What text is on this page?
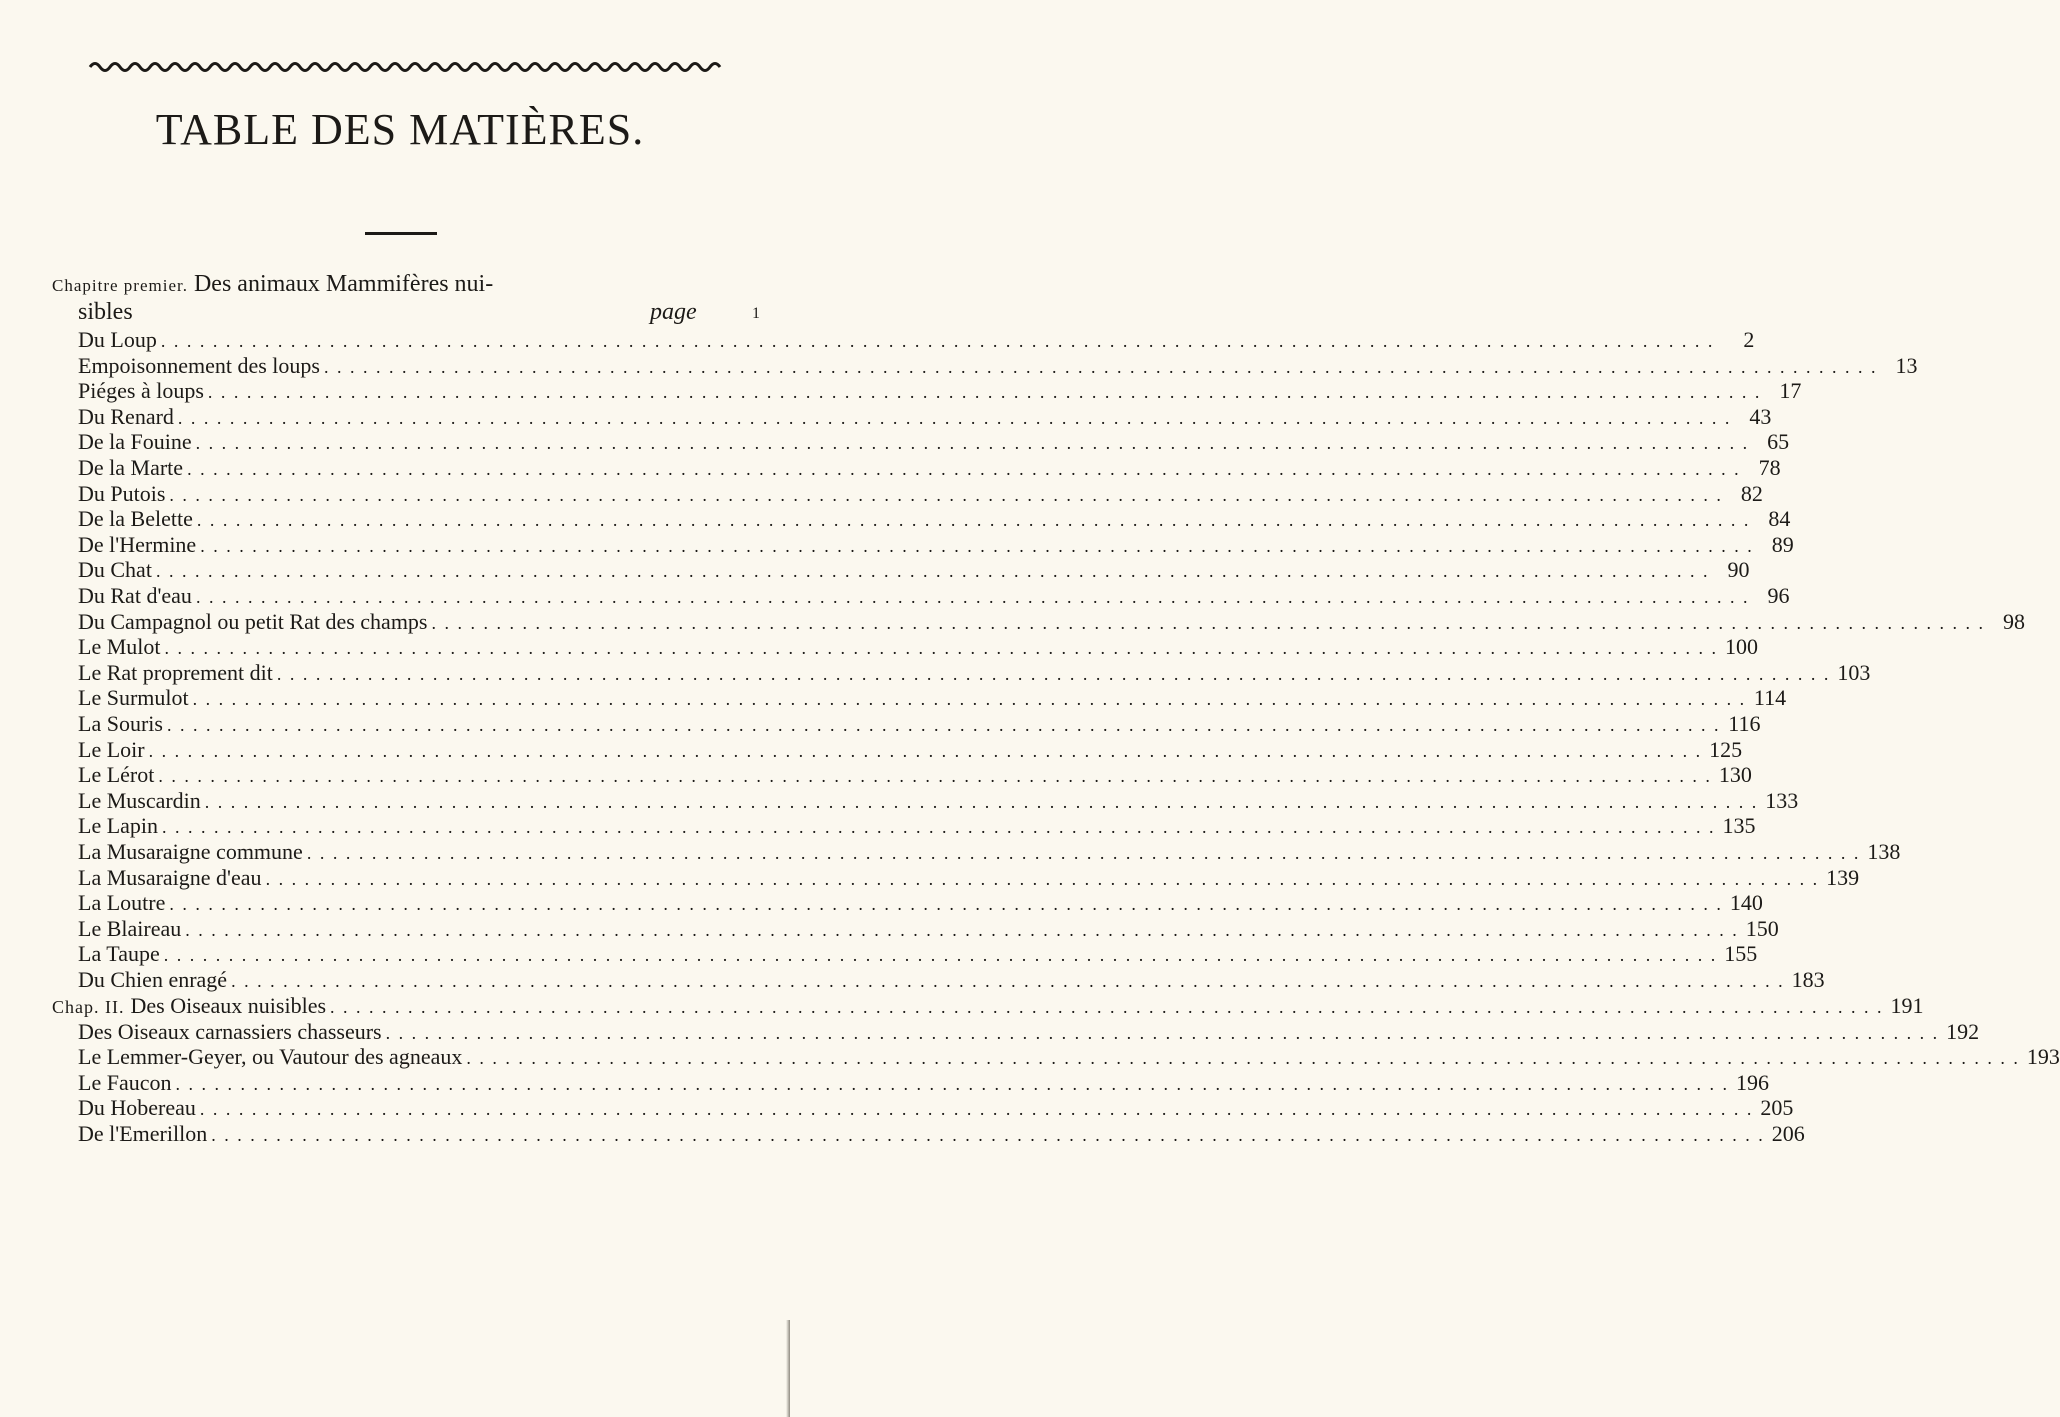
TABLE DES MATIÈRES.
Chapitre premier. Des animaux Mammifères nui-
sibles	page	1
Du Loup . . . . . . . . . . . . . . . . . . . . . . . . . . . . . . . . . . . . . . . . . . . . . . . . . . . . . . . . . . . . . . . . . . . . . . . . . . . . . . . . . . . . . . . . . . . . . . . . . . . . . . . . . . . . . . . . . . . . . . . .	2
Empoisonnement des loups . . . . . . . . . . . . . . . . . . . . . . . . . . . . . . . . . . . . . . . . . . . . . . . . . . . . . . . . . . . . . . . . . . . . . . . . . . . . . . . . . . . . . . . . . . . . . . . . . . . . . . . . . . . . . . . . . . . . . . . . 13
Piéges à loups . . . . . . . . . . . . . . . . . . . . . . . . . . . . . . . . . . . . . . . . . . . . . . . . . . . . . . . . . . . . . . . . . . . . . . . . . . . . . . . . . . . . . . . . . . . . . . . . . . . . . . . . . . . . . . . . . . . . . . . . 17
Du Renard . . . . . . . . . . . . . . . . . . . . . . . . . . . . . . . . . . . . . . . . . . . . . . . . . . . . . . . . . . . . . . . . . . . . . . . . . . . . . . . . . . . . . . . . . . . . . . . . . . . . . . . . . . . . . . . . . . . . . . . . 43
De la Fouine . . . . . . . . . . . . . . . . . . . . . . . . . . . . . . . . . . . . . . . . . . . . . . . . . . . . . . . . . . . . . . . . . . . . . . . . . . . . . . . . . . . . . . . . . . . . . . . . . . . . . . . . . . . . . . . . . . . . . . . . 65
De la Marte . . . . . . . . . . . . . . . . . . . . . . . . . . . . . . . . . . . . . . . . . . . . . . . . . . . . . . . . . . . . . . . . . . . . . . . . . . . . . . . . . . . . . . . . . . . . . . . . . . . . . . . . . . . . . . . . . . . . . . . . 78
Du Putois . . . . . . . . . . . . . . . . . . . . . . . . . . . . . . . . . . . . . . . . . . . . . . . . . . . . . . . . . . . . . . . . . . . . . . . . . . . . . . . . . . . . . . . . . . . . . . . . . . . . . . . . . . . . . . . . . . . . . . . . 82
De la Belette . . . . . . . . . . . . . . . . . . . . . . . . . . . . . . . . . . . . . . . . . . . . . . . . . . . . . . . . . . . . . . . . . . . . . . . . . . . . . . . . . . . . . . . . . . . . . . . . . . . . . . . . . . . . . . . . . . . . . . . . 84
De l'Hermine . . . . . . . . . . . . . . . . . . . . . . . . . . . . . . . . . . . . . . . . . . . . . . . . . . . . . . . . . . . . . . . . . . . . . . . . . . . . . . . . . . . . . . . . . . . . . . . . . . . . . . . . . . . . . . . . . . . . . . . . 89
Du Chat . . . . . . . . . . . . . . . . . . . . . . . . . . . . . . . . . . . . . . . . . . . . . . . . . . . . . . . . . . . . . . . . . . . . . . . . . . . . . . . . . . . . . . . . . . . . . . . . . . . . . . . . . . . . . . . . . . . . . . . . 90
Du Rat d'eau . . . . . . . . . . . . . . . . . . . . . . . . . . . . . . . . . . . . . . . . . . . . . . . . . . . . . . . . . . . . . . . . . . . . . . . . . . . . . . . . . . . . . . . . . . . . . . . . . . . . . . . . . . . . . . . . . . . . . . . . 96
Du Campagnol ou petit Rat des champs . . . . . . . . . . . . . . . . . . . . . . . . . . . . . . . . . . . . . . . . . . . . . . . . . . . . . . . . . . . . . . . . . . . . . . . . . . . . . . . . . . . . . . . . . . . . . . . . . . . . . . . . . . . . . . . . . . . . . . . . 98
Le Mulot . . . . . . . . . . . . . . . . . . . . . . . . . . . . . . . . . . . . . . . . . . . . . . . . . . . . . . . . . . . . . . . . . . . . . . . . . . . . . . . . . . . . . . . . . . . . . . . . . . . . . . . . . . . . . . . . . . . . . . . . 100
Le Rat proprement dit . . . . . . . . . . . . . . . . . . . . . . . . . . . . . . . . . . . . . . . . . . . . . . . . . . . . . . . . . . . . . . . . . . . . . . . . . . . . . . . . . . . . . . . . . . . . . . . . . . . . . . . . . . . . . . . . . . . . . . . . 103
Le Surmulot . . . . . . . . . . . . . . . . . . . . . . . . . . . . . . . . . . . . . . . . . . . . . . . . . . . . . . . . . . . . . . . . . . . . . . . . . . . . . . . . . . . . . . . . . . . . . . . . . . . . . . . . . . . . . . . . . . . . . . . . 114
La Souris . . . . . . . . . . . . . . . . . . . . . . . . . . . . . . . . . . . . . . . . . . . . . . . . . . . . . . . . . . . . . . . . . . . . . . . . . . . . . . . . . . . . . . . . . . . . . . . . . . . . . . . . . . . . . . . . . . . . . . . . 116
Le Loir . . . . . . . . . . . . . . . . . . . . . . . . . . . . . . . . . . . . . . . . . . . . . . . . . . . . . . . . . . . . . . . . . . . . . . . . . . . . . . . . . . . . . . . . . . . . . . . . . . . . . . . . . . . . . . . . . . . . . . . . 125
Le Lérot . . . . . . . . . . . . . . . . . . . . . . . . . . . . . . . . . . . . . . . . . . . . . . . . . . . . . . . . . . . . . . . . . . . . . . . . . . . . . . . . . . . . . . . . . . . . . . . . . . . . . . . . . . . . . . . . . . . . . . . . 130
Le Muscardin . . . . . . . . . . . . . . . . . . . . . . . . . . . . . . . . . . . . . . . . . . . . . . . . . . . . . . . . . . . . . . . . . . . . . . . . . . . . . . . . . . . . . . . . . . . . . . . . . . . . . . . . . . . . . . . . . . . . . . . . 133
Le Lapin . . . . . . . . . . . . . . . . . . . . . . . . . . . . . . . . . . . . . . . . . . . . . . . . . . . . . . . . . . . . . . . . . . . . . . . . . . . . . . . . . . . . . . . . . . . . . . . . . . . . . . . . . . . . . . . . . . . . . . . . 135
La Musaraigne commune . . . . . . . . . . . . . . . . . . . . . . . . . . . . . . . . . . . . . . . . . . . . . . . . . . . . . . . . . . . . . . . . . . . . . . . . . . . . . . . . . . . . . . . . . . . . . . . . . . . . . . . . . . . . . . . . . . . . . . . . 138
La Musaraigne d'eau . . . . . . . . . . . . . . . . . . . . . . . . . . . . . . . . . . . . . . . . . . . . . . . . . . . . . . . . . . . . . . . . . . . . . . . . . . . . . . . . . . . . . . . . . . . . . . . . . . . . . . . . . . . . . . . . . . . . . . . . 139
La Loutre . . . . . . . . . . . . . . . . . . . . . . . . . . . . . . . . . . . . . . . . . . . . . . . . . . . . . . . . . . . . . . . . . . . . . . . . . . . . . . . . . . . . . . . . . . . . . . . . . . . . . . . . . . . . . . . . . . . . . . . . 140
Le Blaireau . . . . . . . . . . . . . . . . . . . . . . . . . . . . . . . . . . . . . . . . . . . . . . . . . . . . . . . . . . . . . . . . . . . . . . . . . . . . . . . . . . . . . . . . . . . . . . . . . . . . . . . . . . . . . . . . . . . . . . . . 150
La Taupe . . . . . . . . . . . . . . . . . . . . . . . . . . . . . . . . . . . . . . . . . . . . . . . . . . . . . . . . . . . . . . . . . . . . . . . . . . . . . . . . . . . . . . . . . . . . . . . . . . . . . . . . . . . . . . . . . . . . . . . . 155
Du Chien enragé . . . . . . . . . . . . . . . . . . . . . . . . . . . . . . . . . . . . . . . . . . . . . . . . . . . . . . . . . . . . . . . . . . . . . . . . . . . . . . . . . . . . . . . . . . . . . . . . . . . . . . . . . . . . . . . . . . . . . . . . 183
Chap. II. Des Oiseaux nuisibles . . . . . . . . . . . . . . . . . . . . . . . . . . . . . . . . . . . . . . . . . . . . . . . . . . . . . . . . . . . . . . . . . . . . . . . . . . . . . . . . . . . . . . . . . . . . . . . . . . . . . . . . . . . . . . . . . . . . . . . . 191
Des Oiseaux carnassiers chasseurs . . . . . . . . . . . . . . . . . . . . . . . . . . . . . . . . . . . . . . . . . . . . . . . . . . . . . . . . . . . . . . . . . . . . . . . . . . . . . . . . . . . . . . . . . . . . . . . . . . . . . . . . . . . . . . . . . . . . . . . . 192
Le Lemmer-Geyer, ou Vautour des agneaux . . . . . . . . . . . . . . . . . . . . . . . . . . . . . . . . . . . . . . . . . . . . . . . . . . . . . . . . . . . . . . . . . . . . . . . . . . . . . . . . . . . . . . . . . . . . . . . . . . . . . . . . . . . . . . . . . . . . . . . . 193
Le Faucon . . . . . . . . . . . . . . . . . . . . . . . . . . . . . . . . . . . . . . . . . . . . . . . . . . . . . . . . . . . . . . . . . . . . . . . . . . . . . . . . . . . . . . . . . . . . . . . . . . . . . . . . . . . . . . . . . . . . . . . . 196
Du Hobereau . . . . . . . . . . . . . . . . . . . . . . . . . . . . . . . . . . . . . . . . . . . . . . . . . . . . . . . . . . . . . . . . . . . . . . . . . . . . . . . . . . . . . . . . . . . . . . . . . . . . . . . . . . . . . . . . . . . . . . . . 205
De l'Emerillon . . . . . . . . . . . . . . . . . . . . . . . . . . . . . . . . . . . . . . . . . . . . . . . . . . . . . . . . . . . . . . . . . . . . . . . . . . . . . . . . . . . . . . . . . . . . . . . . . . . . . . . . . . . . . . . . . . . . . . . . 206
